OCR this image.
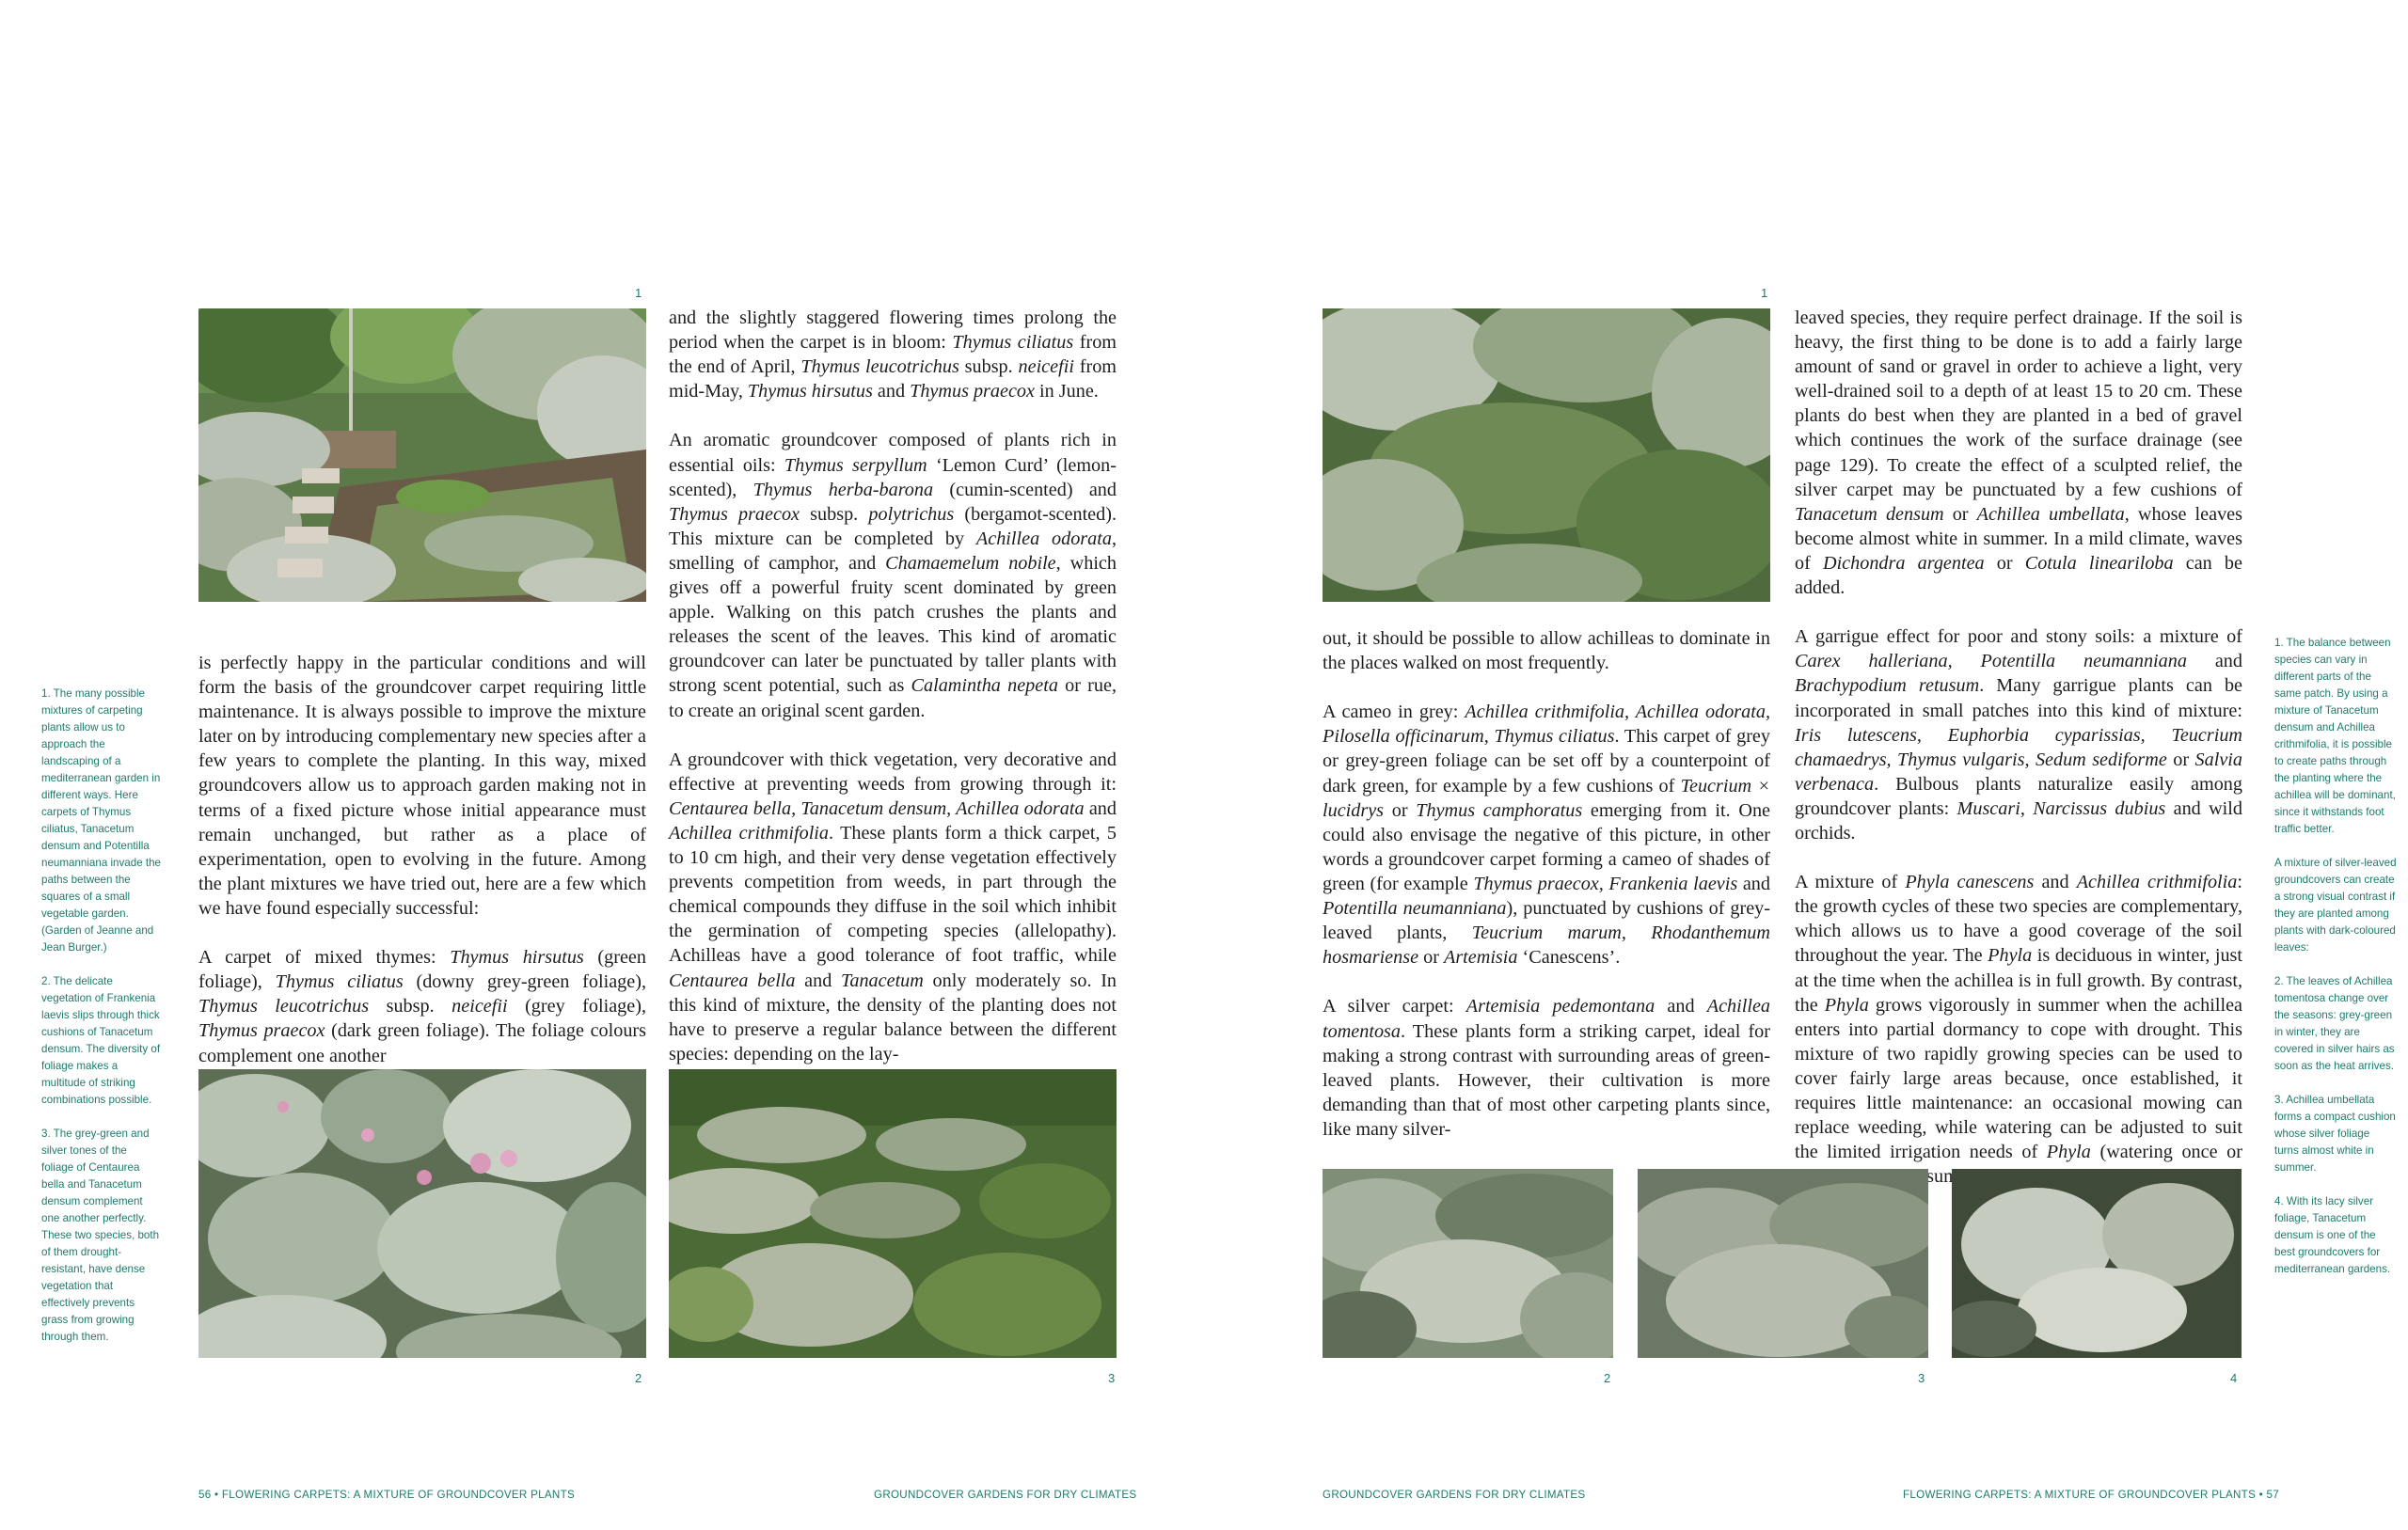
1

1. The many possible mixtures of carpeting plants allow us to approach the landscaping of a mediterranean garden in different ways. Here carpets of Thymus ciliatus, Tanacetum densum and Potentilla neumanniana invade the paths between the squares of a small vegetable garden. (Garden of Jeanne and Jean Burger.)

2. The delicate vegetation of Frankenia laevis slips through thick cushions of Tanacetum densum. The diversity of foliage makes a multitude of striking combinations possible.

3. The grey-green and silver tones of the foliage of Centaurea bella and Tanacetum densum complement one another perfectly. These two species, both of them drought-resistant, have dense vegetation that effectively prevents grass from growing through them.

is perfectly happy in the particular conditions and will form the basis of the groundcover carpet requiring little maintenance. It is always possible to improve the mixture later on by introducing complementary new species after a few years to complete the planting. In this way, mixed groundcovers allow us to approach garden making not in terms of a fixed picture whose initial appearance must remain unchanged, but rather as a place of experimentation, open to evolving in the future. Among the plant mixtures we have tried out, here are a few which we have found especially successful:

A carpet of mixed thymes: Thymus hirsutus (green foliage), Thymus ciliatus (downy grey-green foliage), Thymus leucotrichus subsp. neicefii (grey foliage), Thymus praecox (dark green foliage). The foliage colours complement one another

and the slightly staggered flowering times prolong the period when the carpet is in bloom: Thymus ciliatus from the end of April, Thymus leucotrichus subsp. neicefii from mid-May, Thymus hirsutus and Thymus praecox in June.

An aromatic groundcover composed of plants rich in essential oils: Thymus serpyllum ‘Lemon Curd’ (lemon-scented), Thymus herba-barona (cumin-scented) and Thymus praecox subsp. polytrichus (bergamot-scented). This mixture can be completed by Achillea odorata, smelling of camphor, and Chamaemelum nobile, which gives off a powerful fruity scent dominated by green apple. Walking on this patch crushes the plants and releases the scent of the leaves. This kind of aromatic groundcover can later be punctuated by taller plants with strong scent potential, such as Calamintha nepeta or rue, to create an original scent garden.

A groundcover with thick vegetation, very decorative and effective at preventing weeds from growing through it: Centaurea bella, Tanacetum densum, Achillea odorata and Achillea crithmifolia. These plants form a thick carpet, 5 to 10 cm high, and their very dense vegetation effectively prevents competition from weeds, in part through the chemical compounds they diffuse in the soil which inhibit the germination of competing species (allelopathy). Achilleas have a good tolerance of foot traffic, while Centaurea bella and Tanacetum only moderately so. In this kind of mixture, the density of the planting does not have to preserve a regular balance between the different species: depending on the lay-

2	3
56 • FLOWERING CARPETS: A MIXTURE OF GROUNDCOVER PLANTS	GROUNDCOVER GARDENS FOR DRY CLIMATES
1

out, it should be possible to allow achilleas to dominate in the places walked on most frequently.

A cameo in grey: Achillea crithmifolia, Achillea odorata, Pilosella officinarum, Thymus ciliatus. This carpet of grey or grey-green foliage can be set off by a counterpoint of dark green, for example by a few cushions of Teucrium × lucidrys or Thymus camphoratus emerging from it. One could also envisage the negative of this picture, in other words a groundcover carpet forming a cameo of shades of green (for example Thymus praecox, Frankenia laevis and Potentilla neumanniana), punctuated by cushions of grey-leaved plants, Teucrium marum, Rhodanthemum hosmariense or Artemisia ‘Canescens’.

A silver carpet: Artemisia pedemontana and Achillea tomentosa. These plants form a striking carpet, ideal for making a strong contrast with surrounding areas of green-leaved plants. However, their cultivation is more demanding than that of most other carpeting plants since, like many silver-

leaved species, they require perfect drainage. If the soil is heavy, the first thing to be done is to add a fairly large amount of sand or gravel in order to achieve a light, very well-drained soil to a depth of at least 15 to 20 cm. These plants do best when they are planted in a bed of gravel which continues the work of the surface drainage (see page 129). To create the effect of a sculpted relief, the silver carpet may be punctuated by a few cushions of Tanacetum densum or Achillea umbellata, whose leaves become almost white in summer. In a mild climate, waves of Dichondra argentea or Cotula lineariloba can be added.

A garrigue effect for poor and stony soils: a mixture of Carex halleriana, Potentilla neumanniana and Brachypodium retusum. Many garrigue plants can be incorporated in small patches into this kind of mixture: Iris lutescens, Euphorbia cyparissias, Teucrium chamaedrys, Thymus vulgaris, Sedum sediforme or Salvia verbenaca. Bulbous plants naturalize easily among groundcover plants: Muscari, Narcissus dubius and wild orchids.

A mixture of Phyla canescens and Achillea crithmifolia: the growth cycles of these two species are complementary, which allows us to have a good coverage of the soil throughout the year. The Phyla is deciduous in winter, just at the time when the achillea is in full growth. By contrast, the Phyla grows vigorously in summer when the achillea enters into partial dormancy to cope with drought. This mixture of two rapidly growing species can be used to cover fairly large areas because, once established, it requires little maintenance: an occasional mowing can replace weeding, while watering can be adjusted to suit the limited irrigation needs of Phyla (watering once or

1. The balance between species can vary in different parts of the same patch. By using a mixture of Tanacetum densum and Achillea crithmifolia, it is possible to create paths through the planting where the achillea will be dominant, since it withstands foot traffic better.

A mixture of silver-leaved groundcovers can create a strong visual contrast if they are planted among plants with dark-coloured leaves:

2. The leaves of Achillea tomentosa change over the seasons: grey-green in winter, they are covered in silver hairs as soon as the heat arrives.

3. Achillea umbellata forms a compact cushion whose silver foliage turns almost white in summer.

4. With its lacy silver foliage, Tanacetum densum is one of the best groundcovers for mediterranean gardens.

2	3	4
GROUNDCOVER GARDENS FOR DRY CLIMATES	FLOWERING CARPETS: A MIXTURE OF GROUNDCOVER PLANTS • 57
